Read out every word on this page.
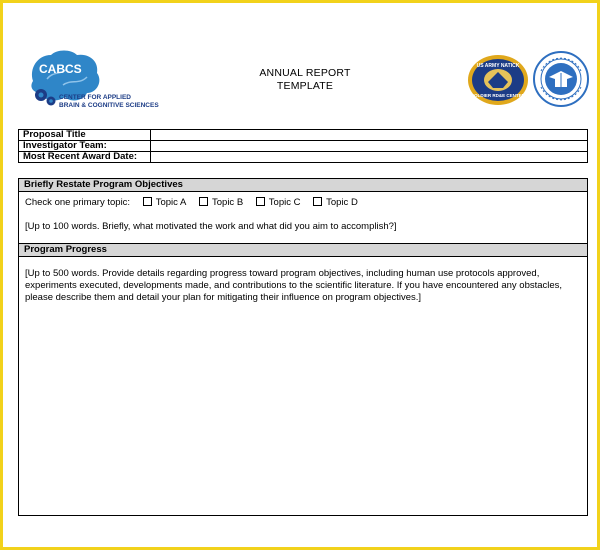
CABCS
CENTER FOR APPLIED
BRAIN & COGNITIVE SCIENCES
ANNUAL REPORT
TEMPLATE
US ARMY NATICK
SOLDIER RD&E CENTER
Proposal Title	
Investigator Team:	
Most Recent Award Date:	
Briefly Restate Program Objectives
Check one primary topic:	Topic A	Topic B	Topic C	Topic D
[Up to 100 words. Briefly, what motivated the work and what did you aim to accomplish?]
Program Progress
[Up to 500 words. Provide details regarding progress toward program objectives, including human use protocols approved, experiments executed, developments made, and contributions to the scientific literature. If you have encountered any obstacles, please describe them and detail your plan for mitigating their influence on program objectives.]
